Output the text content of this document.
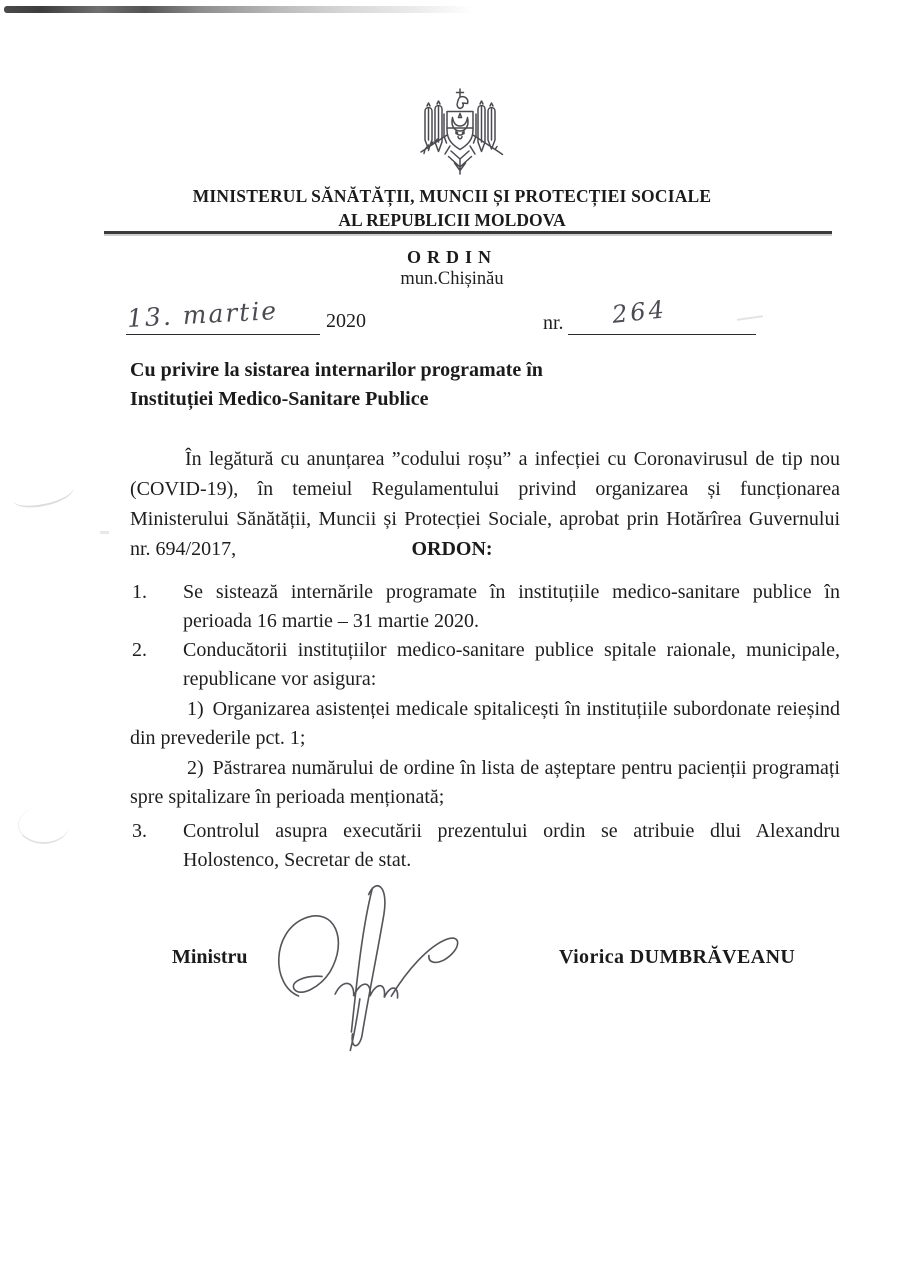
MINISTERUL SĂNĂTĂȚII, MUNCII ȘI PROTECȚIEI SOCIALE
AL REPUBLICII MOLDOVA
ORDIN
mun.Chișinău
13. martie 2020	nr. 264
Cu privire la sistarea internarilor programate în
Instituției Medico-Sanitare Publice

În legătură cu anunțarea ”codului roșu” a infecției cu Coronavirusul de tip nou (COVID-19), în temeiul Regulamentului privind organizarea și funcționarea Ministerului Sănătății, Muncii și Protecției Sociale, aprobat prin Hotărîrea Guvernului nr. 694/2017,	ORDON:
1. Se sistează internările programate în instituțiile medico-sanitare publice în perioada 16 martie – 31 martie 2020.
2. Conducătorii instituțiilor medico-sanitare publice spitale raionale, municipale, republicane vor asigura:

1) Organizarea asistenței medicale spitalicești în instituțiile subordonate reieșind din prevederile pct. 1;

2) Păstrarea numărului de ordine în lista de așteptare pentru pacienții programați spre spitalizare în perioada menționată;

3. Controlul asupra executării prezentului ordin se atribuie dlui Alexandru Holostenco, Secretar de stat.
Ministru	Viorica DUMBRĂVEANU
